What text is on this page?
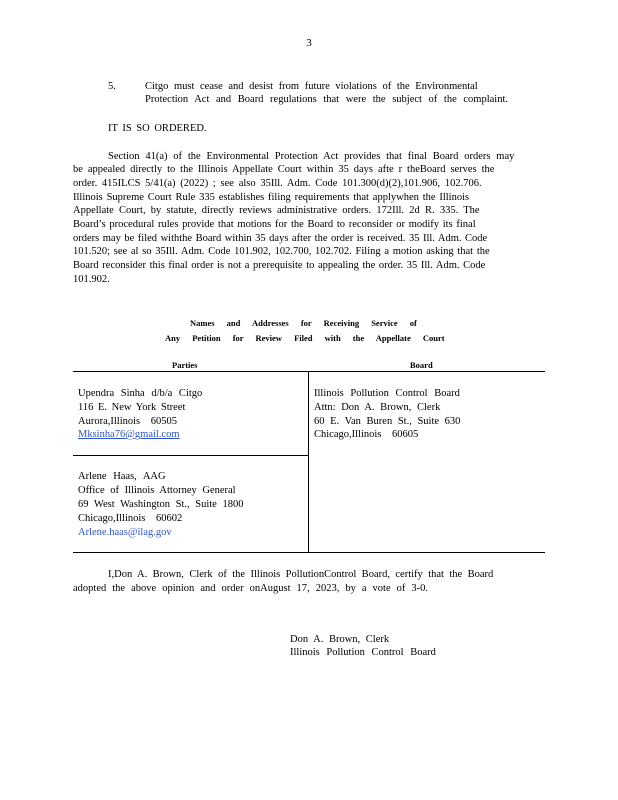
3
5.	Citgo must cease and desist from future violations of the Environmental
Protection Act and Board regulations that were the subject of the complaint.
IT IS SO ORDERED.
Section 41(a) of the Environmental Protection Act provides that final Board orders may
be appealed directly to the Illinois Appellate Court within 35 days afte r theBoard serves the
order. 415ILCS 5/41(a) (2022) ; see also 35Ill. Adm. Code 101.300(d)(2),101.906, 102.706.
Illinois Supreme Court Rule 335 establishes filing requirements that applywhen the Illinois
Appellate Court, by statute, directly reviews administrative orders. 172Ill. 2d R. 335. The
Board’s procedural rules provide that motions for the Board to reconsider or modify its final
orders may be filed withthe Board within 35 days after the order is received. 35 Ill. Adm. Code
101.520; see al so 35Ill. Adm. Code 101.902, 102.700, 102.702. Filing a motion asking that the
Board reconsider this final order is not a prerequisite to appealing the order. 35 Ill. Adm. Code
101.902.
Names and Addresses for Receiving Service of
Any Petition for Review Filed with the Appellate Court
Parties	Board
Upendra Sinha d/b/a Citgo
116 E. New York Street
Aurora,Illinois 60505
Mksinha76@gmail.com
Arlene Haas, AAG
Office of Illinois Attorney General
69 West Washington St., Suite 1800
Chicago,Illinois 60602
Arlene.haas@ilag.gov
Illinois Pollution Control Board
Attn: Don A. Brown, Clerk
60 E. Van Buren St., Suite 630
Chicago,Illinois 60605
I,Don A. Brown, Clerk of the Illinois PollutionControl Board, certify that the Board
adopted the above opinion and order onAugust 17, 2023, by a vote of 3-0.
Don A. Brown, Clerk
Illinois Pollution Control Board
